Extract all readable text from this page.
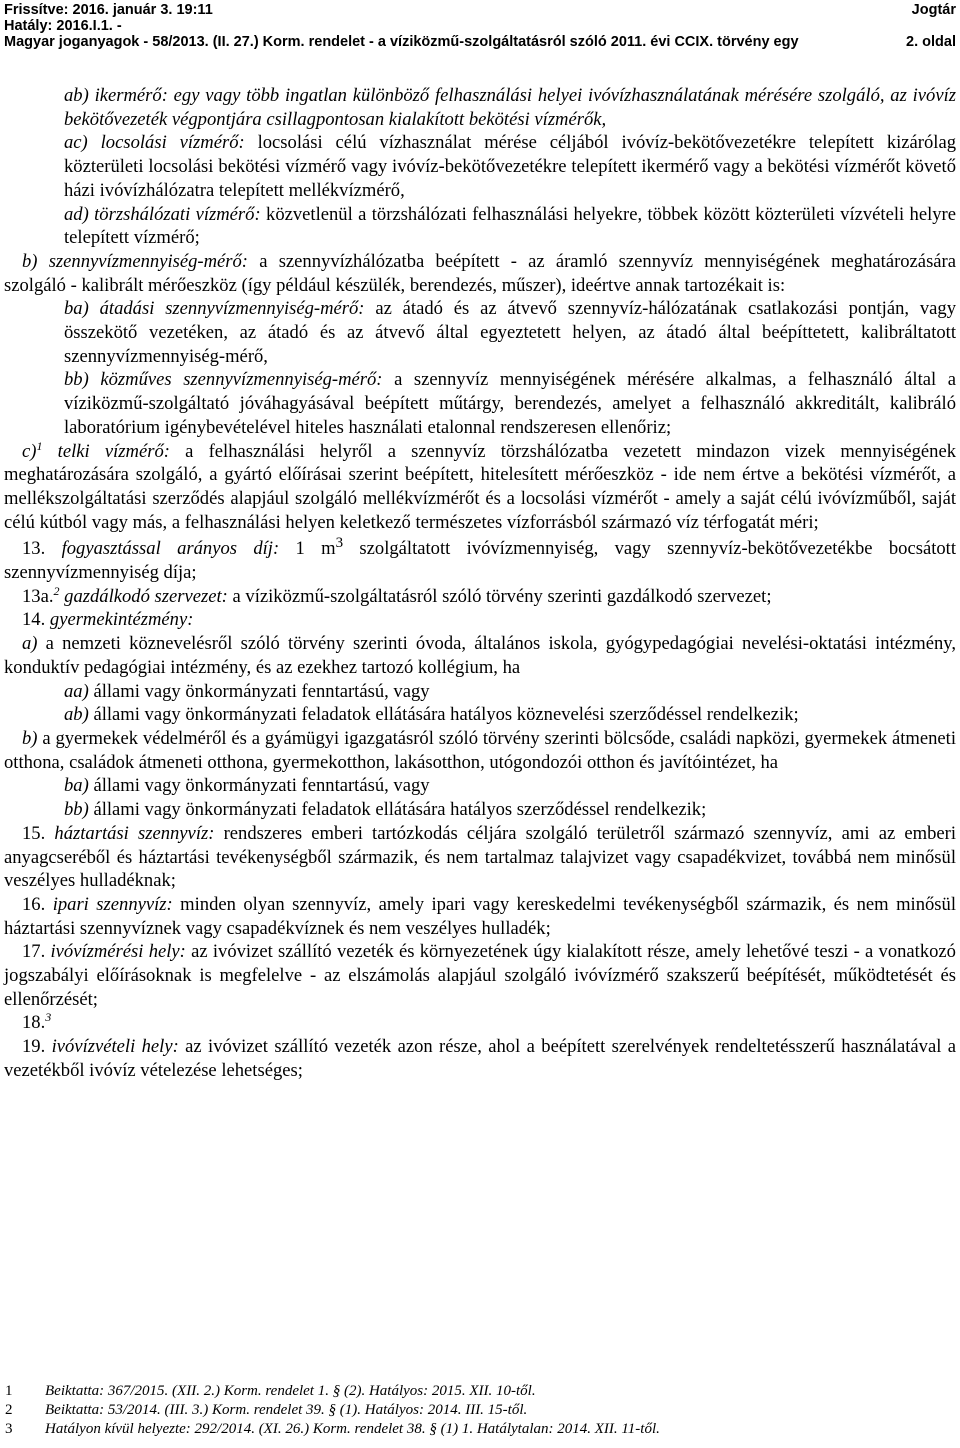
Frissítve: 2016. január 3. 19:11	Jogtár
Hatály: 2016.I.1. -
Magyar joganyagok - 58/2013. (II. 27.) Korm. rendelet - a víziközmű-szolgáltatásról szóló 2011. évi CCIX. törvény egy	2. oldal

ab) ikermérő: egy vagy több ingatlan különböző felhasználási helyei ivóvízhasználatának mérésére szolgáló, az ivóvíz bekötővezeték végpontjára csillagpontosan kialakított bekötési vízmérők,

ac) locsolási vízmérő: locsolási célú vízhasználat mérése céljából ivóvíz-bekötővezetékre telepített kizárólag közterületi locsolási bekötési vízmérő vagy ivóvíz-bekötővezetékre telepített ikermérő vagy a bekötési vízmérőt követő házi ivóvízhálózatra telepített mellékvízmérő,

ad) törzshálózati vízmérő: közvetlenül a törzshálózati felhasználási helyekre, többek között közterületi vízvételi helyre telepített vízmérő;

b) szennyvízmennyiség-mérő: a szennyvízhálózatba beépített - az áramló szennyvíz mennyiségének meghatározására szolgáló - kalibrált mérőeszköz (így például készülék, berendezés, műszer), ideértve annak tartozékait is:

ba) átadási szennyvízmennyiség-mérő: az átadó és az átvevő szennyvíz-hálózatának csatlakozási pontján, vagy összekötő vezetéken, az átadó és az átvevő által egyeztetett helyen, az átadó által beépíttetett, kalibráltatott szennyvízmennyiség-mérő,

bb) közműves szennyvízmennyiség-mérő: a szennyvíz mennyiségének mérésére alkalmas, a felhasználó által a víziközmű-szolgáltató jóváhagyásával beépített műtárgy, berendezés, amelyet a felhasználó akkreditált, kalibráló laboratórium igénybevételével hiteles használati etalonnal rendszeresen ellenőriz;

c)$^1$ telki vízmérő: a felhasználási helyről a szennyvíz törzshálózatba vezetett mindazon vizek mennyiségének meghatározására szolgáló, a gyártó előírásai szerint beépített, hitelesített mérőeszköz - ide nem értve a bekötési vízmérőt, a mellékszolgáltatási szerződés alapjául szolgáló mellékvízmérőt és a locsolási vízmérőt - amely a saját célú ivóvízműből, saját célú kútból vagy más, a felhasználási helyen keletkező természetes vízforrásból származó víz térfogatát méri;

13. fogyasztással arányos díj: 1 $m^3$ szolgáltatott ivóvízmennyiség, vagy szennyvíz-bekötővezetékbe bocsátott szennyvízmennyiség díja;

13a.$^2$ gazdálkodó szervezet: a víziközmű-szolgáltatásról szóló törvény szerinti gazdálkodó szervezet;

14. gyermekintézmény:

a) a nemzeti köznevelésről szóló törvény szerinti óvoda, általános iskola, gyógypedagógiai nevelési-oktatási intézmény, konduktív pedagógiai intézmény, és az ezekhez tartozó kollégium, ha

aa) állami vagy önkormányzati fenntartású, vagy

ab) állami vagy önkormányzati feladatok ellátására hatályos köznevelési szerződéssel rendelkezik;

b) a gyermekek védelméről és a gyámügyi igazgatásról szóló törvény szerinti bölcsőde, családi napközi, gyermekek átmeneti otthona, családok átmeneti otthona, gyermekotthon, lakásotthon, utógondozói otthon és javítóintézet, ha

ba) állami vagy önkormányzati fenntartású, vagy

bb) állami vagy önkormányzati feladatok ellátására hatályos szerződéssel rendelkezik;

15. háztartási szennyvíz: rendszeres emberi tartózkodás céljára szolgáló területről származó szennyvíz, ami az emberi anyagcseréből és háztartási tevékenységből származik, és nem tartalmaz talajvizet vagy csapadékvizet, továbbá nem minősül veszélyes hulladéknak;

16. ipari szennyvíz: minden olyan szennyvíz, amely ipari vagy kereskedelmi tevékenységből származik, és nem minősül háztartási szennyvíznek vagy csapadékvíznek és nem veszélyes hulladék;

17. ivóvízmérési hely: az ivóvizet szállító vezeték és környezetének úgy kialakított része, amely lehetővé teszi - a vonatkozó jogszabályi előírásoknak is megfelelve - az elszámolás alapjául szolgáló ivóvízmérő szakszerű beépítését, működtetését és ellenőrzését;

18.$^3$

19. ivóvízvételi hely: az ivóvizet szállító vezeték azon része, ahol a beépített szerelvények rendeltetésszerű használatával a vezetékből ivóvíz vételezése lehetséges;

1	Beiktatta: 367/2015. (XII. 2.) Korm. rendelet 1. § (2). Hatályos: 2015. XII. 10-től.
2	Beiktatta: 53/2014. (III. 3.) Korm. rendelet 39. § (1). Hatályos: 2014. III. 15-től.
3	Hatályon kívül helyezte: 292/2014. (XI. 26.) Korm. rendelet 38. § (1) 1. Hatálytalan: 2014. XII. 11-től.
